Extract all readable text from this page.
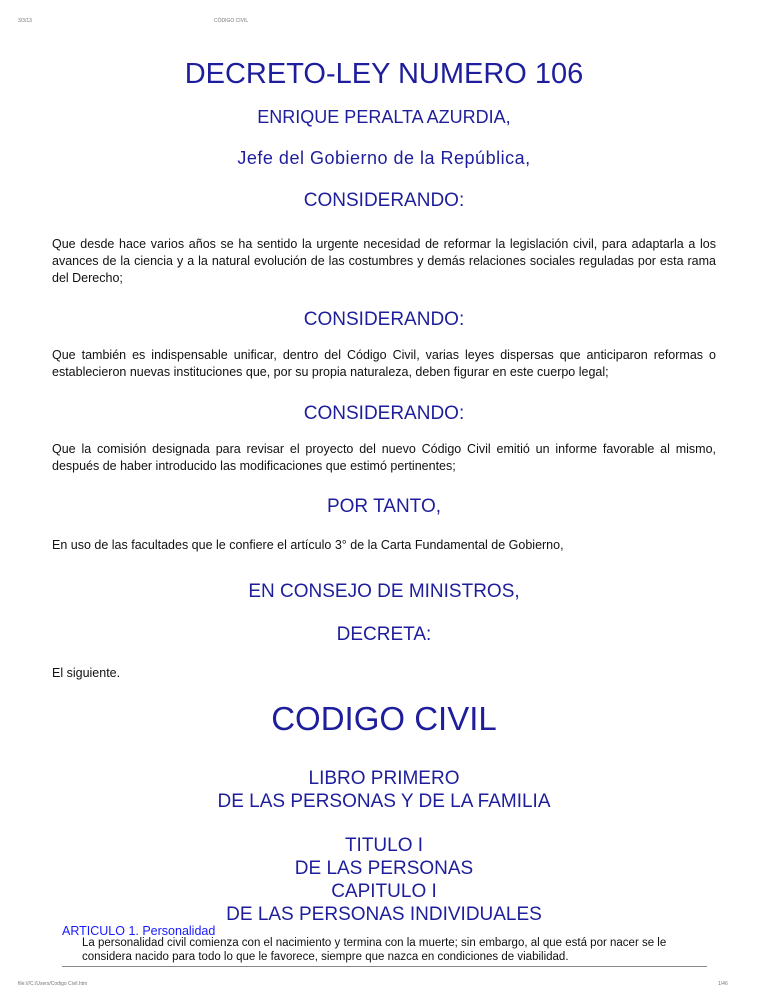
3/3/13	CÓDIGO CIVIL
DECRETO-LEY NUMERO 106
ENRIQUE PERALTA AZURDIA,
Jefe del Gobierno de la República,
CONSIDERANDO:
Que desde hace varios años se ha sentido la urgente necesidad de reformar la legislación civil, para adaptarla a los avances de la ciencia y a la natural evolución de las costumbres y demás relaciones sociales reguladas por esta rama del Derecho;
CONSIDERANDO:
Que también es indispensable unificar, dentro del Código Civil, varias leyes dispersas que anticiparon reformas o establecieron nuevas instituciones que, por su propia naturaleza, deben figurar en este cuerpo legal;
CONSIDERANDO:
Que la comisión designada para revisar el proyecto del nuevo Código Civil emitió un informe favorable al mismo, después de haber introducido las modificaciones que estimó pertinentes;
POR TANTO,
En uso de las facultades que le confiere el artículo 3° de la Carta Fundamental de Gobierno,
EN CONSEJO DE MINISTROS,
DECRETA:
El siguiente.
CODIGO CIVIL
LIBRO PRIMERO
DE LAS PERSONAS Y DE LA FAMILIA
TITULO I
DE LAS PERSONAS
CAPITULO I
DE LAS PERSONAS INDIVIDUALES
ARTICULO 1. Personalidad
La personalidad civil comienza con el nacimiento y termina con la muerte; sin embargo, al que está por nacer se le considera nacido para todo lo que le favorece, siempre que nazca en condiciones de viabilidad.
file:///C:/Users/Codigo Civil.htm	1/46
